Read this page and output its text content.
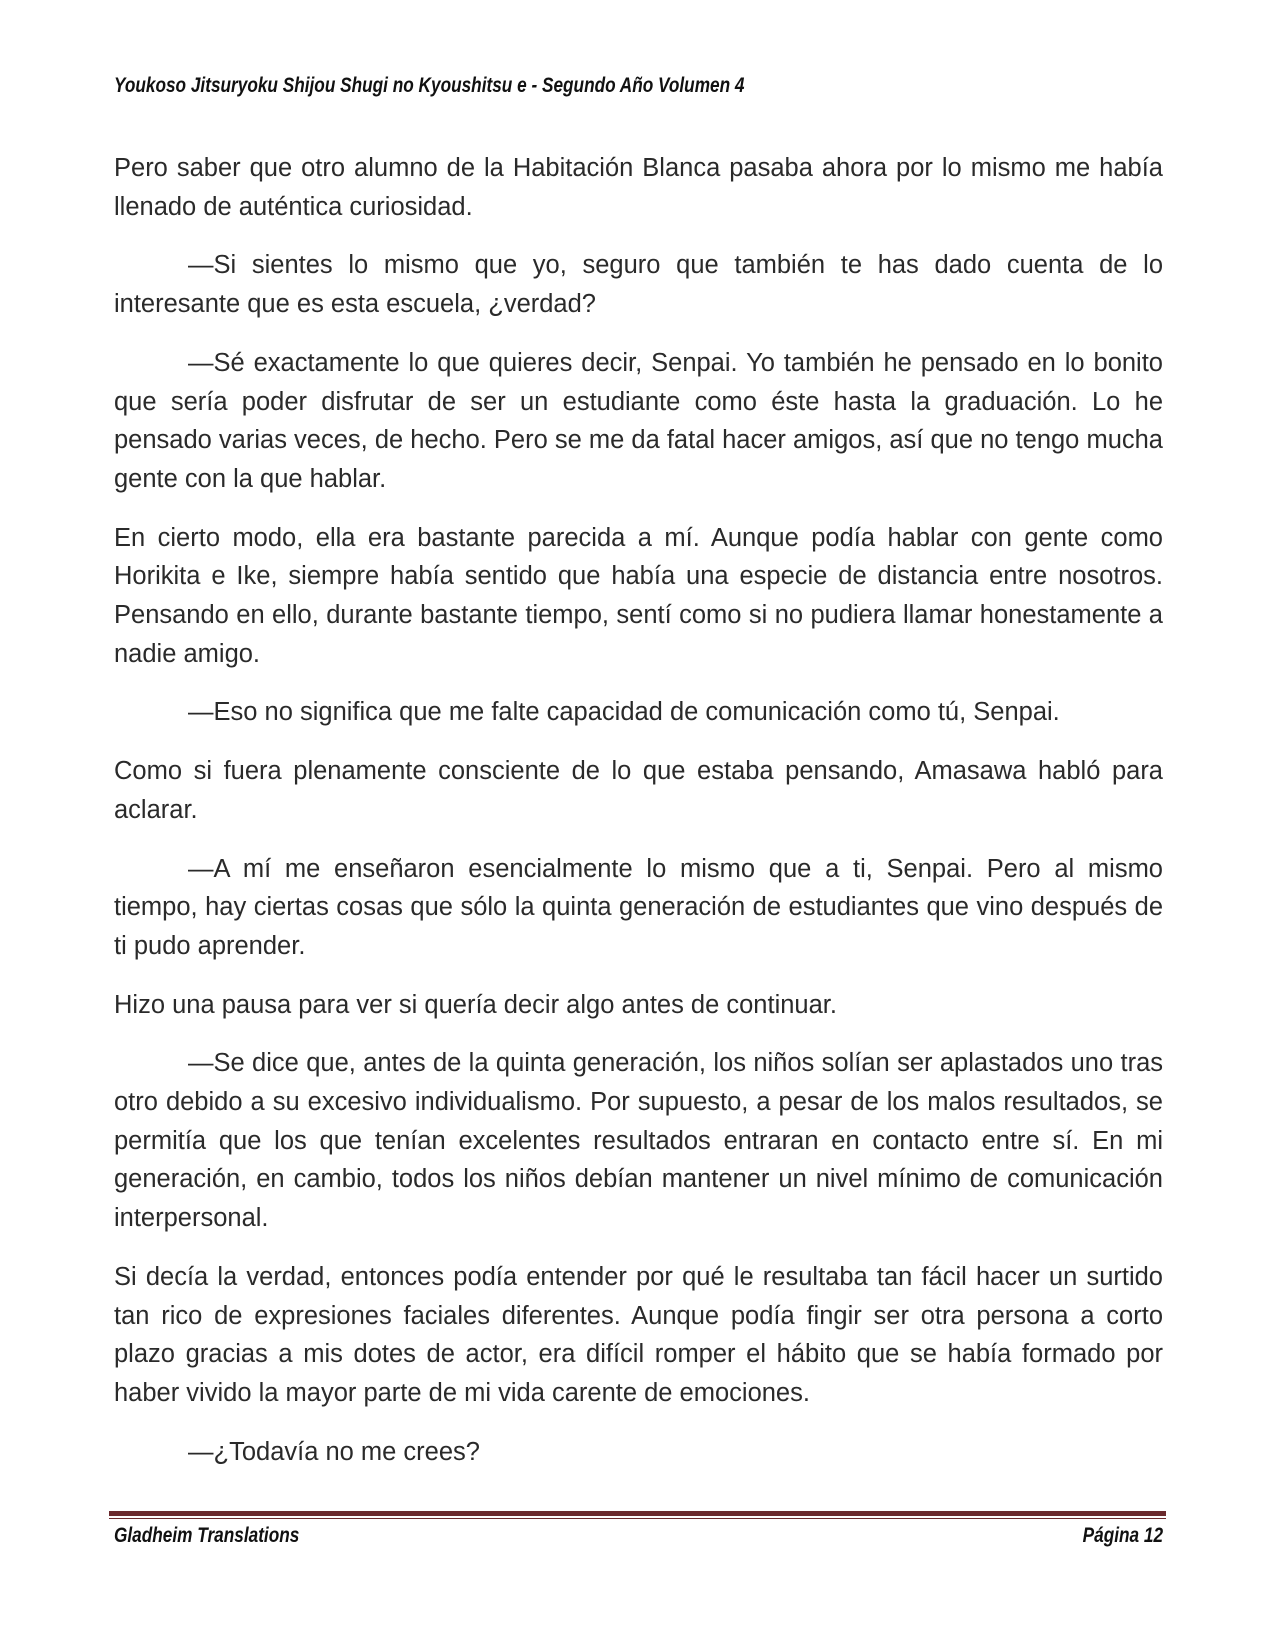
Youkoso Jitsuryoku Shijou Shugi no Kyoushitsu e - Segundo Año Volumen 4

Pero saber que otro alumno de la Habitación Blanca pasaba ahora por lo mismo me había llenado de auténtica curiosidad.

—Si sientes lo mismo que yo, seguro que también te has dado cuenta de lo interesante que es esta escuela, ¿verdad?

—Sé exactamente lo que quieres decir, Senpai. Yo también he pensado en lo bonito que sería poder disfrutar de ser un estudiante como éste hasta la graduación. Lo he pensado varias veces, de hecho. Pero se me da fatal hacer amigos, así que no tengo mucha gente con la que hablar.

En cierto modo, ella era bastante parecida a mí. Aunque podía hablar con gente como Horikita e Ike, siempre había sentido que había una especie de distancia entre nosotros. Pensando en ello, durante bastante tiempo, sentí como si no pudiera llamar honestamente a nadie amigo.

—Eso no significa que me falte capacidad de comunicación como tú, Senpai.

Como si fuera plenamente consciente de lo que estaba pensando, Amasawa habló para aclarar.

—A mí me enseñaron esencialmente lo mismo que a ti, Senpai. Pero al mismo tiempo, hay ciertas cosas que sólo la quinta generación de estudiantes que vino después de ti pudo aprender.

Hizo una pausa para ver si quería decir algo antes de continuar.

—Se dice que, antes de la quinta generación, los niños solían ser aplastados uno tras otro debido a su excesivo individualismo. Por supuesto, a pesar de los malos resultados, se permitía que los que tenían excelentes resultados entraran en contacto entre sí. En mi generación, en cambio, todos los niños debían mantener un nivel mínimo de comunicación interpersonal.

Si decía la verdad, entonces podía entender por qué le resultaba tan fácil hacer un surtido tan rico de expresiones faciales diferentes. Aunque podía fingir ser otra persona a corto plazo gracias a mis dotes de actor, era difícil romper el hábito que se había formado por haber vivido la mayor parte de mi vida carente de emociones.

—¿Todavía no me crees?

Gladheim Translations	Página 12
